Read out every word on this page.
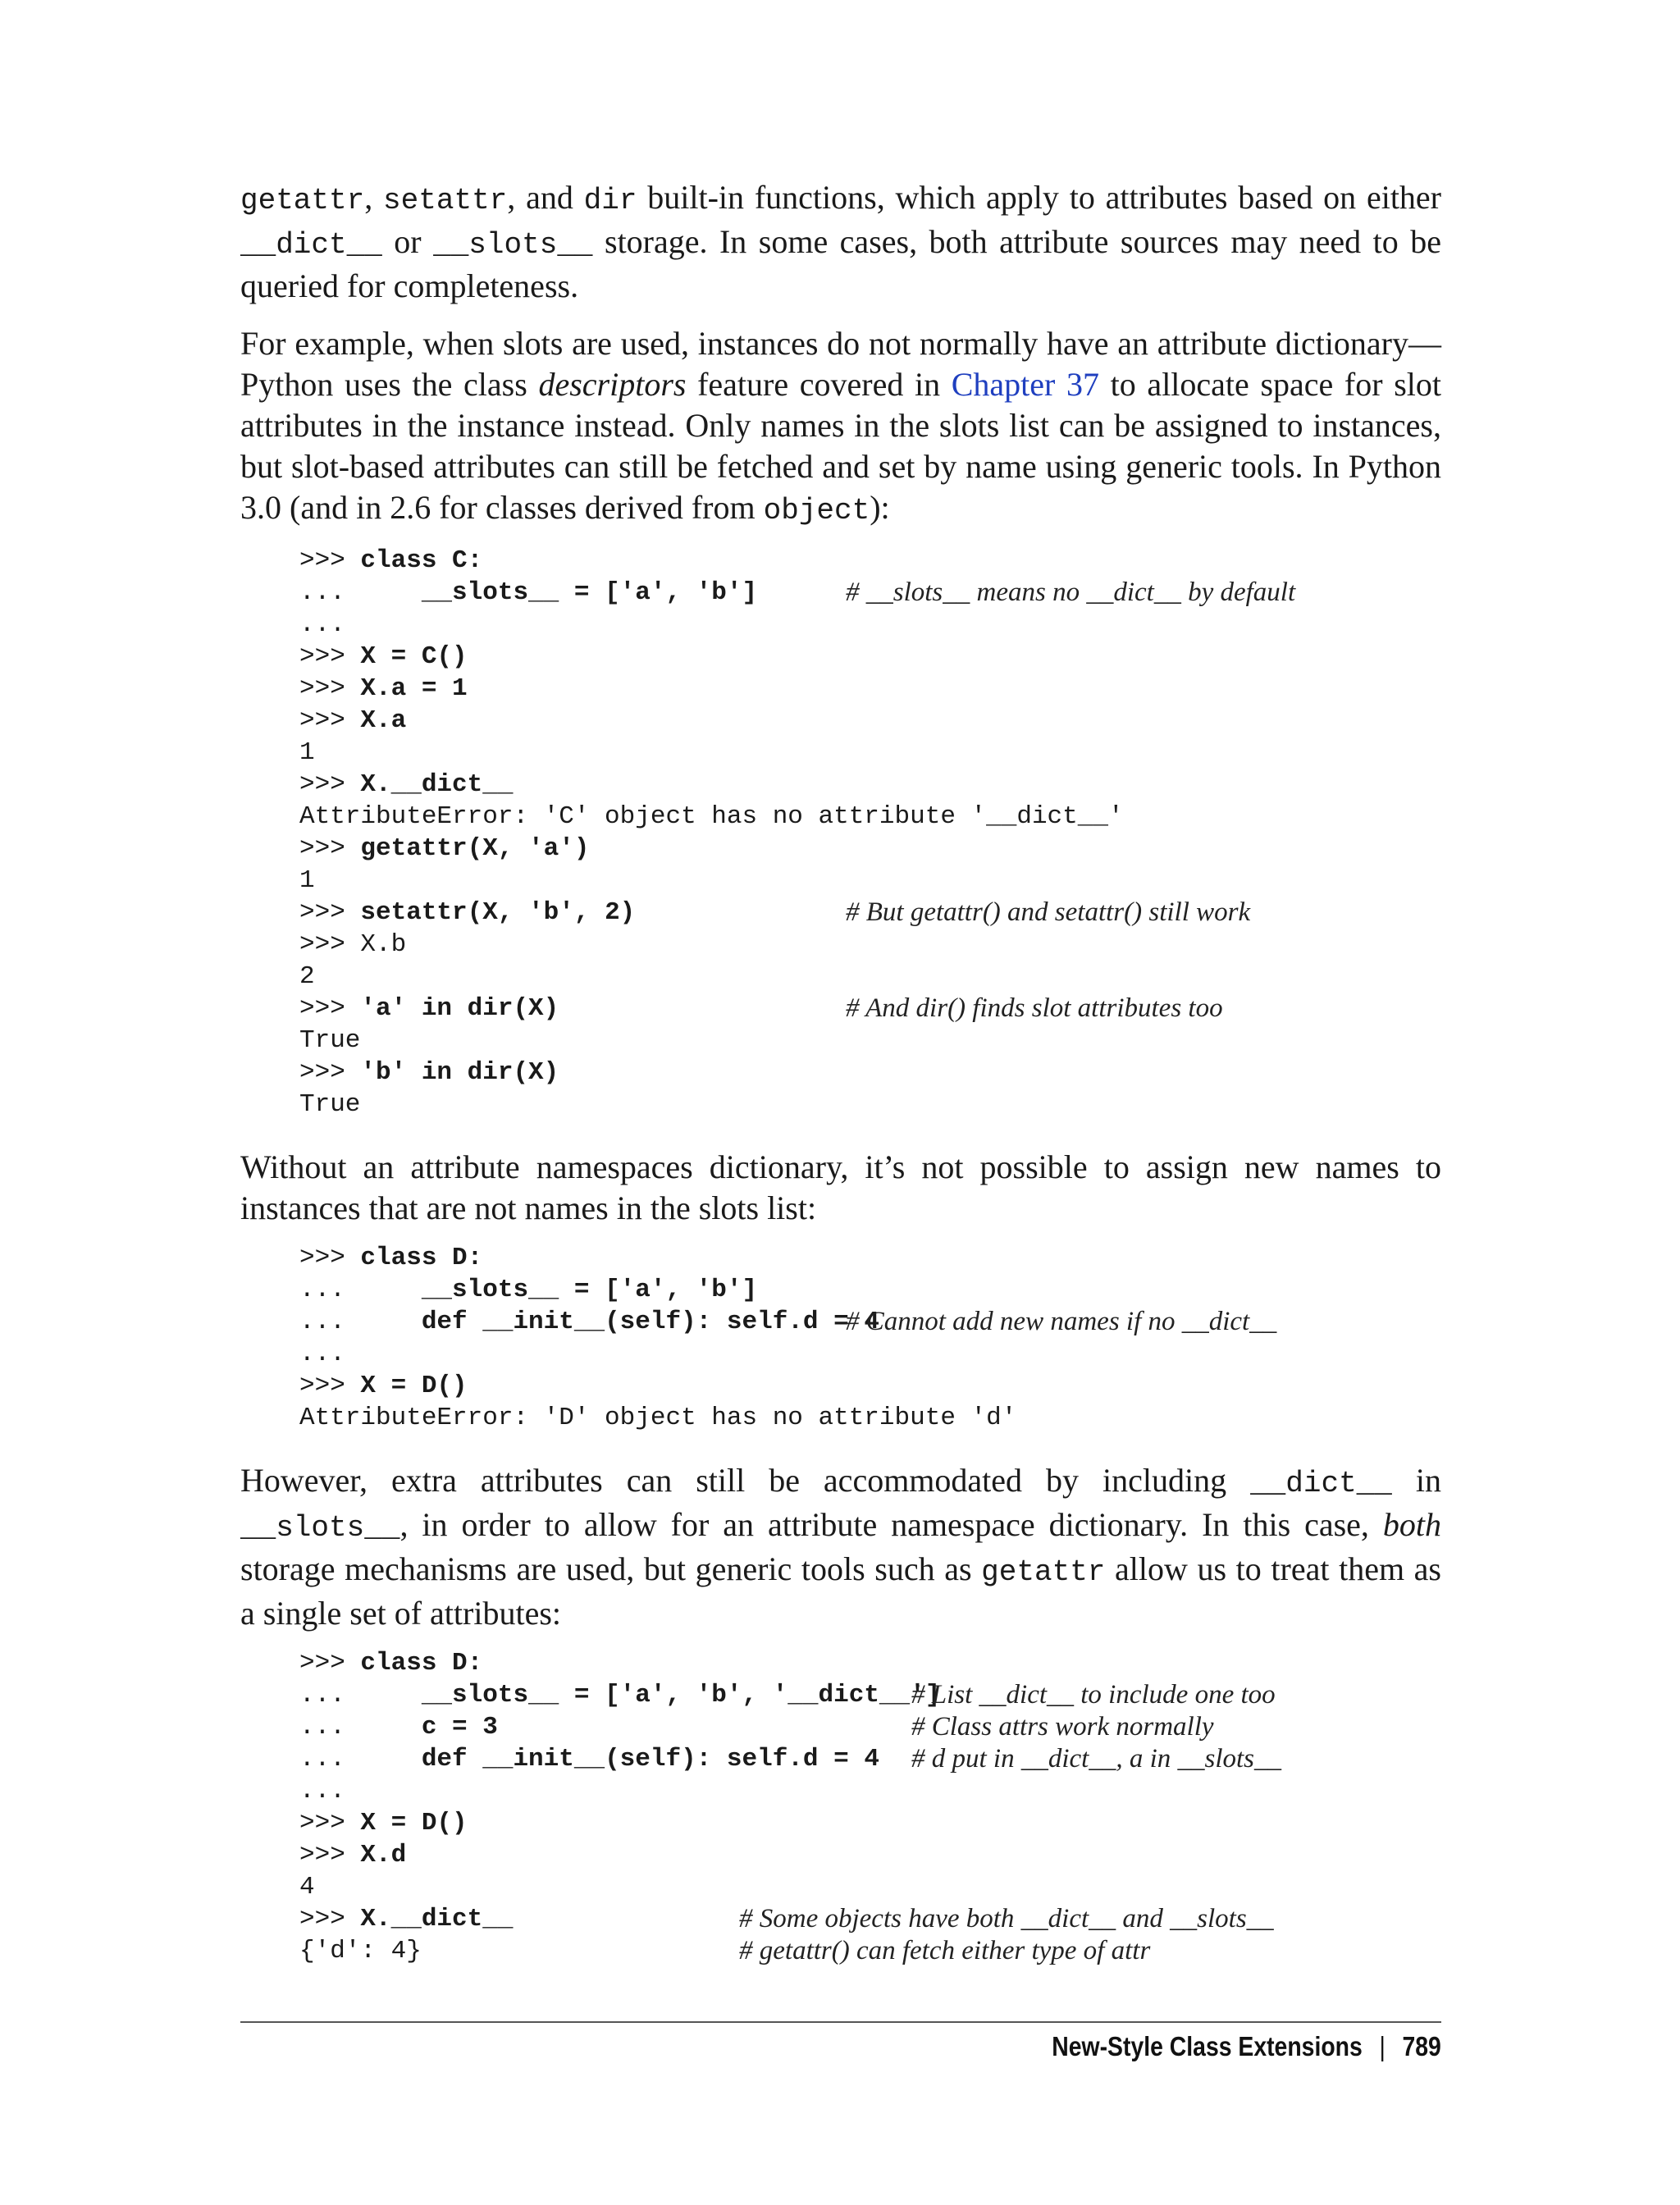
getattr, setattr, and dir built-in functions, which apply to attributes based on either __dict__ or __slots__ storage. In some cases, both attribute sources may need to be queried for completeness.

For example, when slots are used, instances do not normally have an attribute dictionary—Python uses the class descriptors feature covered in Chapter 37 to allocate space for slot attributes in the instance instead. Only names in the slots list can be assigned to instances, but slot-based attributes can still be fetched and set by name using generic tools. In Python 3.0 (and in 2.6 for classes derived from object):

>>> class C:
...     __slots__ = ['a', 'b']	# __slots__ means no __dict__ by default
...
>>> X = C()
>>> X.a = 1
>>> X.a
1
>>> X.__dict__
AttributeError: 'C' object has no attribute '__dict__'
>>> getattr(X, 'a')
1
>>> setattr(X, 'b', 2)	# But getattr() and setattr() still work
>>> X.b
2
>>> 'a' in dir(X)	# And dir() finds slot attributes too
True
>>> 'b' in dir(X)
True

Without an attribute namespaces dictionary, it’s not possible to assign new names to instances that are not names in the slots list:

>>> class D:
...     __slots__ = ['a', 'b']
...     def __init__(self): self.d = 4
# Cannot add new names if no __dict__
...
>>> X = D()
AttributeError: 'D' object has no attribute 'd'

However, extra attributes can still be accommodated by including __dict__ in __slots__, in order to allow for an attribute namespace dictionary. In this case, both storage mechanisms are used, but generic tools such as getattr allow us to treat them as a single set of attributes:

>>> class D:
...     __slots__ = ['a', 'b', '__dict__']
# List __dict__ to include one too
...     c = 3	# Class attrs work normally
...     def __init__(self): self.d = 4 # d put in __dict__, a in __slots__
...
>>> X = D()
>>> X.d
4
>>> X.__dict__	# Some objects have both __dict__ and __slots__
{'d': 4}	# getattr() can fetch either type of attr
New-Style Class Extensions | 789
